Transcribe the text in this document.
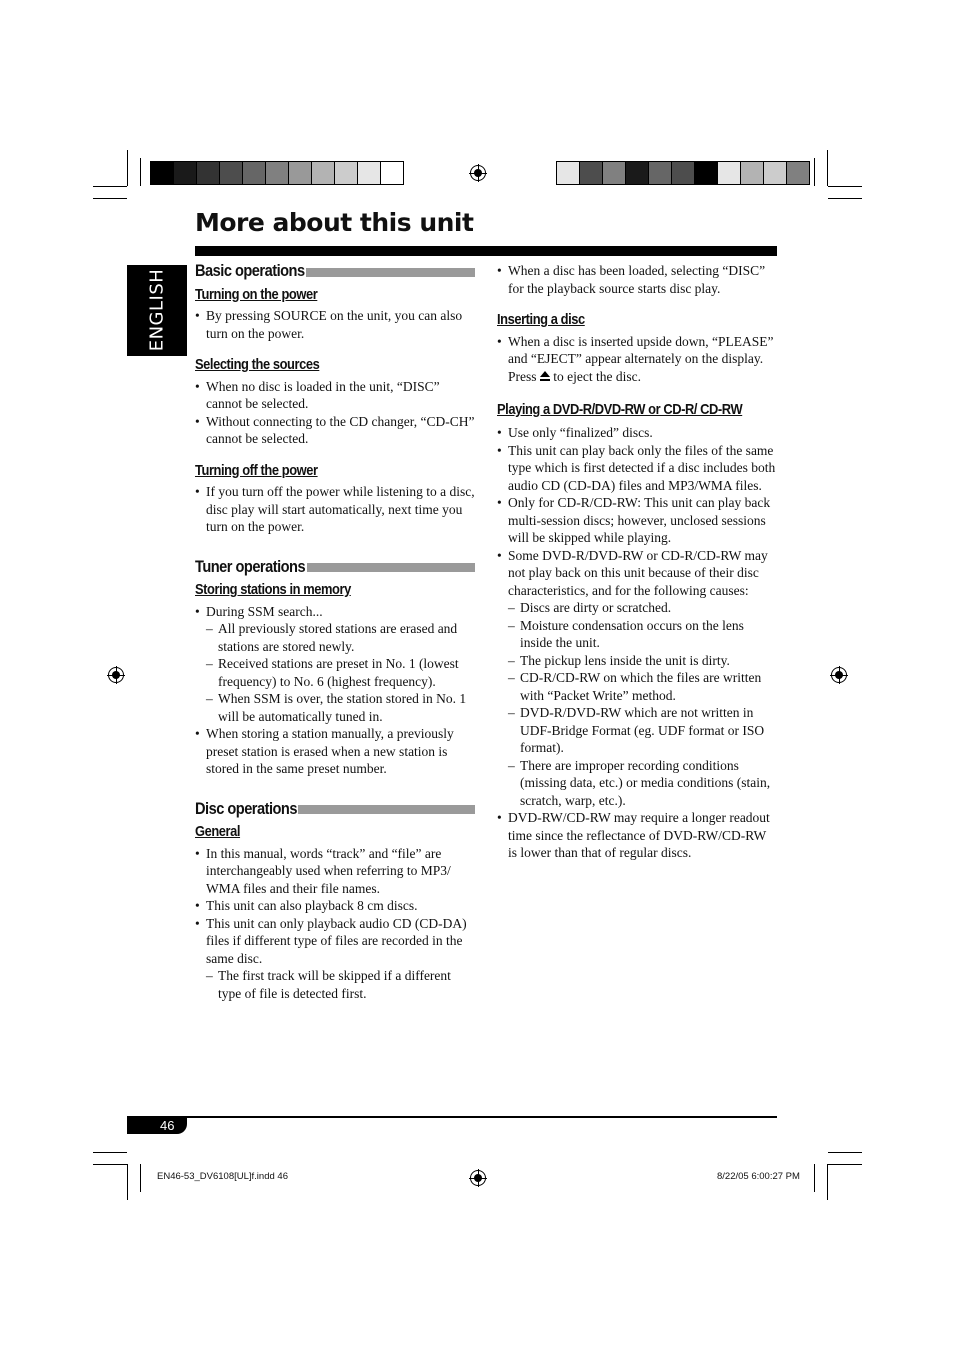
More about this unit
ENGLISH Basic operations
Turning on the power
• By pressing SOURCE on the unit, you can also turn on the power.
Selecting the sources
• When no disc is loaded in the unit, “DISC” cannot be selected.
• Without connecting to the CD changer, “CD-CH” cannot be selected.
Turning off the power
• If you turn off the power while listening to a disc, disc play will start automatically, next time you turn on the power.
Tuner operations
Storing stations in memory
• During SSM search...
– All previously stored stations are erased and stations are stored newly.
– Received stations are preset in No. 1 (lowest frequency) to No. 6 (highest frequency).
– When SSM is over, the station stored in No. 1 will be automatically tuned in.
• When storing a station manually, a previously preset station is erased when a new station is stored in the same preset number.
Disc operations
General
• In this manual, words “track” and “file” are interchangeably used when referring to MP3/ WMA files and their file names.
• This unit can also playback 8 cm discs.
• This unit can only playback audio CD (CD-DA) files if different type of files are recorded in the same disc.
– The first track will be skipped if a different type of file is detected first.
• When a disc has been loaded, selecting “DISC” for the playback source starts disc play.
Inserting a disc
• When a disc is inserted upside down, “PLEASE” and “EJECT” appear alternately on the display. Press to eject the disc.
Playing a DVD-R/DVD-RW or CD-R/ CD-RW
• Use only “finalized” discs.
• This unit can play back only the files of the same type which is first detected if a disc includes both audio CD (CD-DA) files and MP3/WMA files.
• Only for CD-R/CD-RW: This unit can play back multi-session discs; however, unclosed sessions will be skipped while playing.
• Some DVD-R/DVD-RW or CD-R/CD-RW may not play back on this unit because of their disc characteristics, and for the following causes:
– Discs are dirty or scratched.
– Moisture condensation occurs on the lens inside the unit.
– The pickup lens inside the unit is dirty.
– CD-R/CD-RW on which the files are written with “Packet Write” method.
– DVD-R/DVD-RW which are not written in UDF-Bridge Format (eg. UDF format or ISO format).
– There are improper recording conditions (missing data, etc.) or media conditions (stain, scratch, warp, etc.).
• DVD-RW/CD-RW may require a longer readout time since the reflectance of DVD-RW/CD-RW is lower than that of regular discs.
46
EN46-53_DV6108[UL]f.indd 46	8/22/05 6:00:27 PM
